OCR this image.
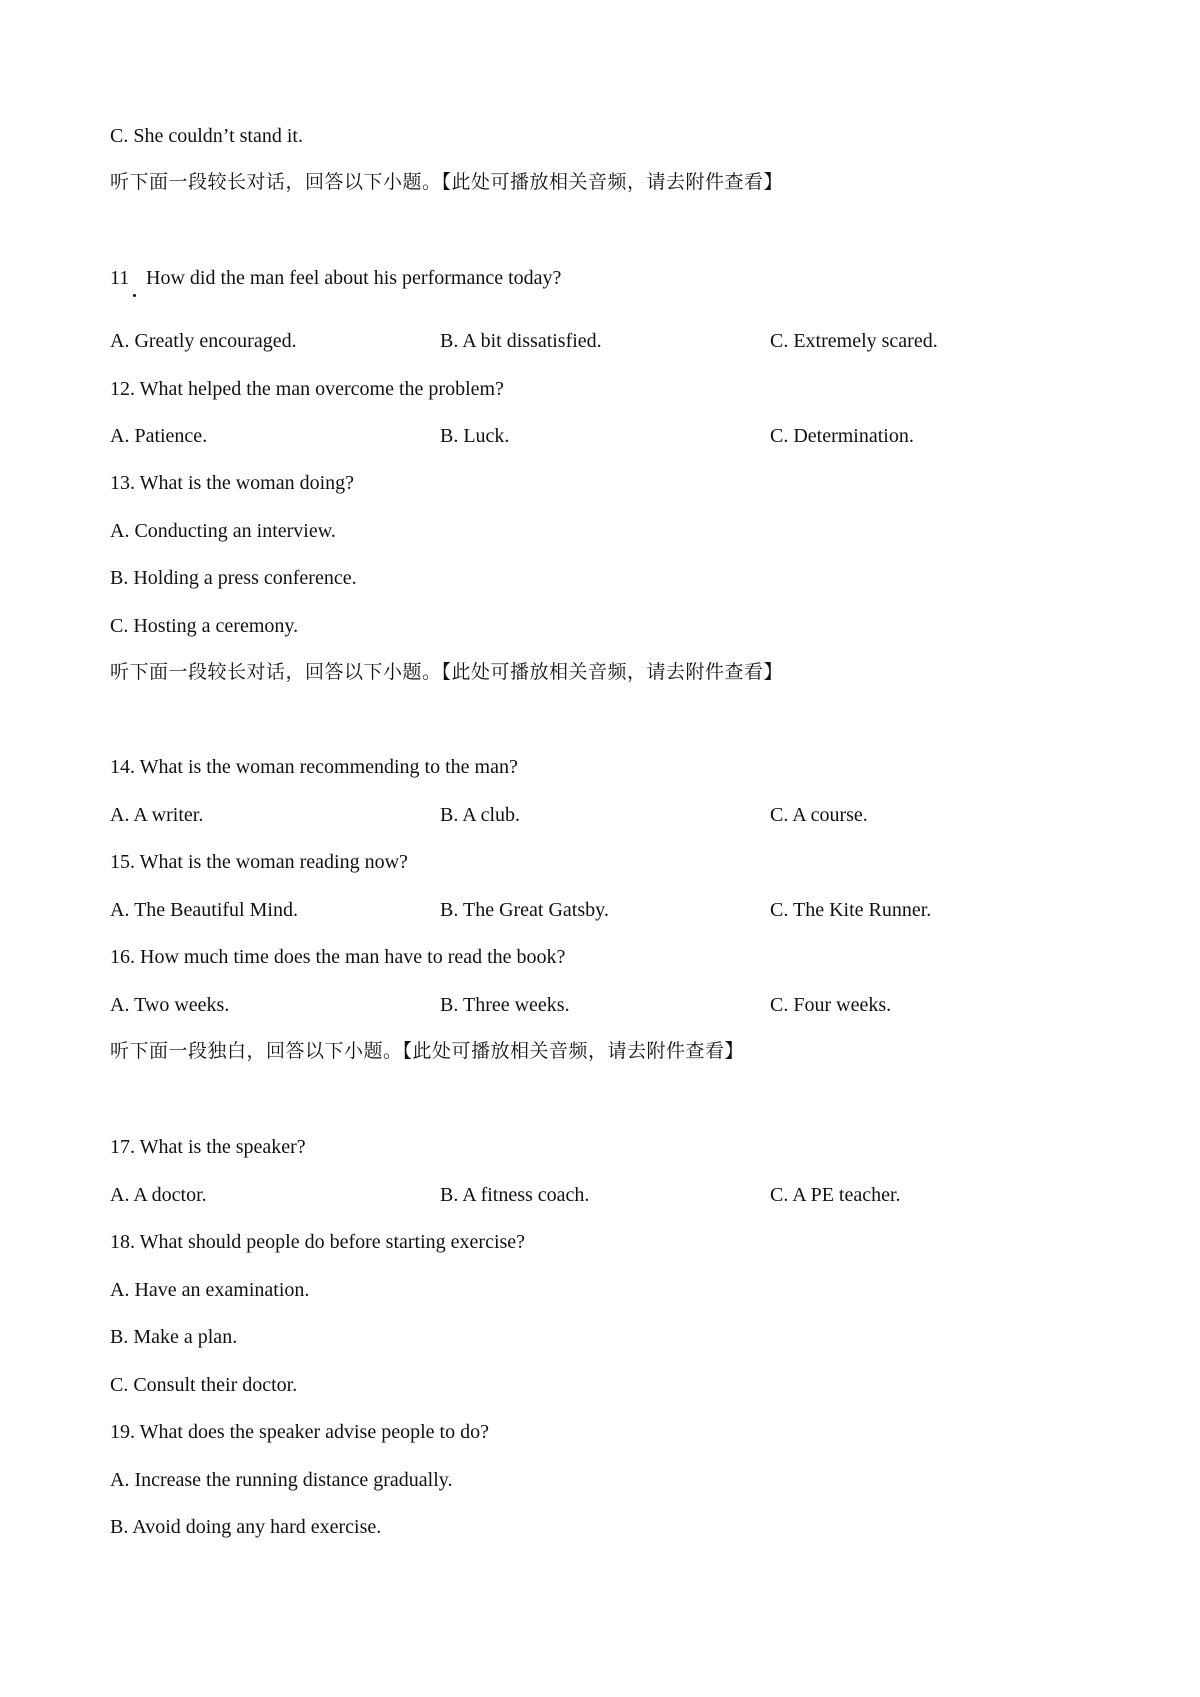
C. She couldn’t stand it.
听下面一段较长对话，回答以下小题。【此处可播放相关音频，请去附件查看】
11 How did the man feel about his performance today?
A. Greatly encouraged.	B. A bit dissatisfied.	C. Extremely scared.
12. What helped the man overcome the problem?
A. Patience.	B. Luck.	C. Determination.
13. What is the woman doing?
A. Conducting an interview.
B. Holding a press conference.
C. Hosting a ceremony.
听下面一段较长对话，回答以下小题。【此处可播放相关音频，请去附件查看】
14. What is the woman recommending to the man?
A. A writer.	B. A club.	C. A course.
15. What is the woman reading now?
A. The Beautiful Mind.	B. The Great Gatsby.	C. The Kite Runner.
16. How much time does the man have to read the book?
A. Two weeks.	B. Three weeks.	C. Four weeks.
听下面一段独白，回答以下小题。【此处可播放相关音频，请去附件查看】
17. What is the speaker?
A. A doctor.	B. A fitness coach.	C. A PE teacher.
18. What should people do before starting exercise?
A. Have an examination.
B. Make a plan.
C. Consult their doctor.
19. What does the speaker advise people to do?
A. Increase the running distance gradually.
B. Avoid doing any hard exercise.
